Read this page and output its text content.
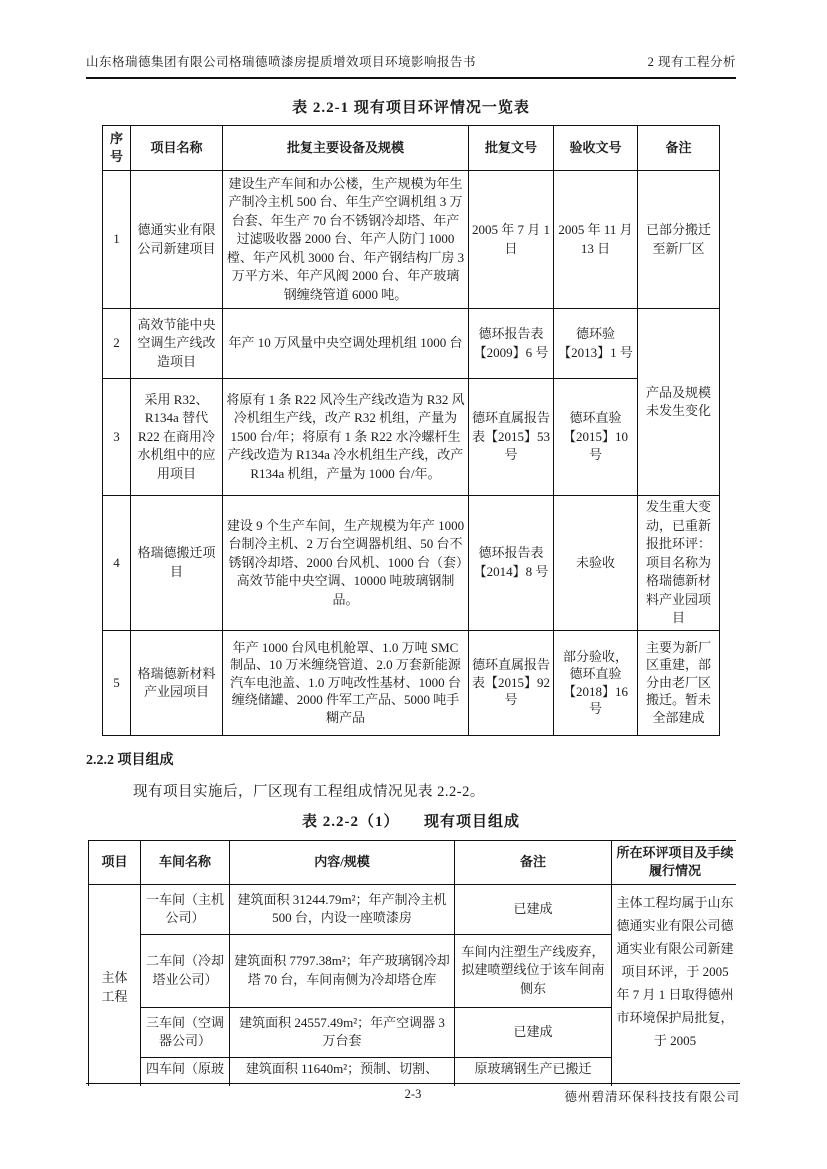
山东格瑞德集团有限公司格瑞德喷漆房提质增效项目环境影响报告书	2 现有工程分析
表 2.2-1 现有项目环评情况一览表
序号	项目名称	批复主要设备及规模	批复文号	验收文号	备注
1	德通实业有限公司新建项目	建设生产车间和办公楼，生产规模为年生产制冷主机 500 台、年生产空调机组 3 万台套、年生产 70 台不锈钢冷却塔、年产过滤吸收器 2000 台、年产人防门 1000 樘、年产风机 3000 台、年产钢结构厂房 3 万平方米、年产风阀 2000 台、年产玻璃钢缠绕管道 6000 吨。	2005 年 7 月 1日	2005 年 11 月 13 日	已部分搬迁至新厂区
2	高效节能中央空调生产线改造项目	年产 10 万风量中央空调处理机组 1000 台	德环报告表【2009】6 号	德环验【2013】1 号	产品及规模未发生变化
3	采用 R32、R134a 替代 R22 在商用冷水机组中的应用项目	将原有 1 条 R22 风冷生产线改造为 R32 风冷机组生产线，改产 R32 机组，产量为 1500 台/年；将原有 1 条 R22 水冷螺杆生产线改造为 R134a 冷水机组生产线，改产 R134a 机组，产量为 1000 台/年。	德环直属报告表【2015】53 号	德环直验【2015】10 号	
4	格瑞德搬迁项目	建设 9 个生产车间，生产规模为年产 1000 台制冷主机、2 万台空调器机组、50 台不锈钢冷却塔、2000 台风机、1000 台（套）高效节能中央空调、10000 吨玻璃钢制品。	德环报告表【2014】8 号	未验收	发生重大变动，已重新报批环评：项目名称为格瑞德新材料产业园项目
5	格瑞德新材料产业园项目	年产 1000 台风电机舱罩、1.0 万吨 SMC 制品、10 万米缠绕管道、2.0 万套新能源汽车电池盖、1.0 万吨改性基材、1000 台缠绕储罐、2000 件军工产品、5000 吨手糊产品	德环直属报告表【2015】92 号	部分验收，德环直验【2018】16 号	主要为新厂区重建，部分由老厂区搬迁。暂未全部建成
2.2.2 项目组成

现有项目实施后，厂区现有工程组成情况见表 2.2-2。

表 2.2-2（1）　　现有项目组成
项目	车间名称	内容/规模	备注	所在环评项目及手续履行情况
主体工程	一车间（主机公司）	建筑面积 31244.79m²；年产制冷主机 500 台，内设一座喷漆房	已建成	主体工程均属于山东德通实业有限公司德通实业有限公司新建项目环评，于 2005 年 7 月 1 日取得德州市环境保护局批复，于 2005
	二车间（冷却塔业公司）	建筑面积 7797.38m²；年产玻璃钢冷却塔 70 台，车间南侧为冷却塔仓库	车间内注塑生产线废弃，拟建喷塑线位于该车间南侧东	
	三车间（空调器公司）	建筑面积 24557.49m²；年产空调器 3 万台套	已建成	
	四车间（原玻	建筑面积 11640m²；预制、切割、	原玻璃钢生产已搬迁	
2-3	德州碧清环保科技技有限公司
